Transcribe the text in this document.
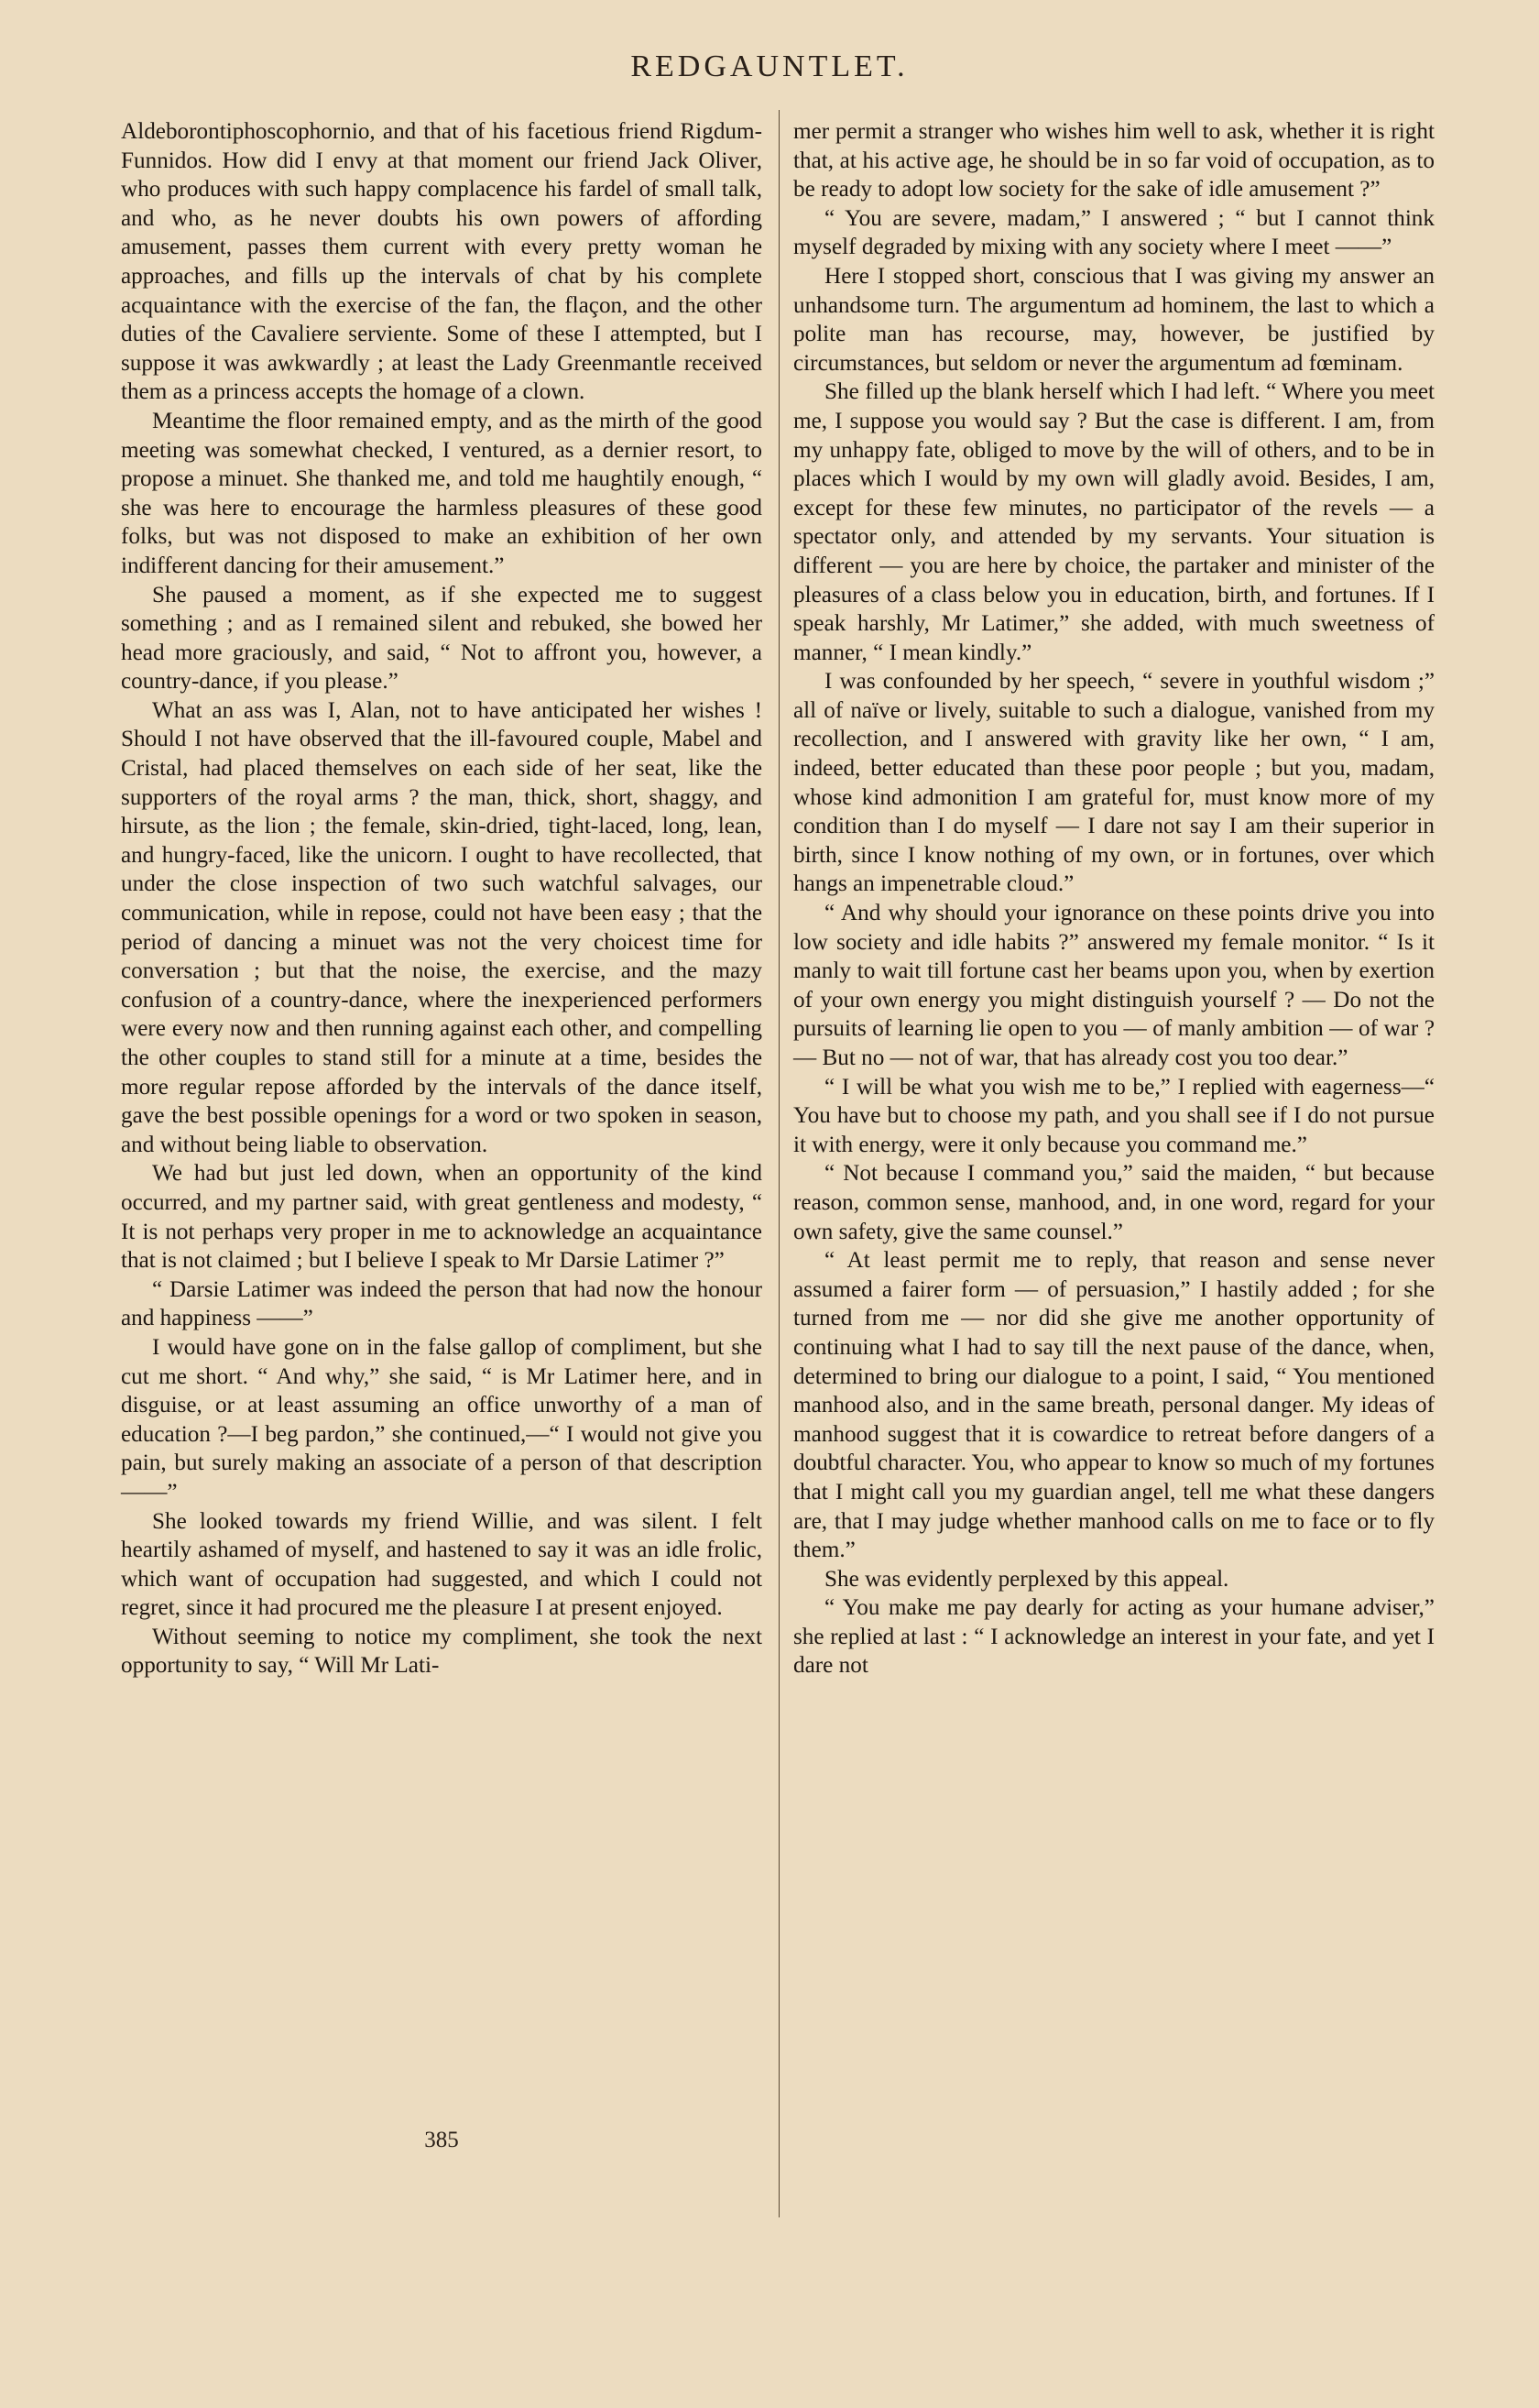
REDGAUNTLET.

Aldeborontiphoscophornio, and that of his facetious friend Rigdum-Funnidos. How did I envy at that moment our friend Jack Oliver, who produces with such happy complacence his fardel of small talk, and who, as he never doubts his own powers of affording amusement, passes them current with every pretty woman he approaches, and fills up the intervals of chat by his complete acquaintance with the exercise of the fan, the flaçon, and the other duties of the Cavaliere serviente. Some of these I attempted, but I suppose it was awkwardly ; at least the Lady Greenmantle received them as a princess accepts the homage of a clown.

Meantime the floor remained empty, and as the mirth of the good meeting was somewhat checked, I ventured, as a dernier resort, to propose a minuet. She thanked me, and told me haughtily enough, “ she was here to encourage the harmless pleasures of these good folks, but was not disposed to make an exhibition of her own indifferent dancing for their amusement.”

She paused a moment, as if she expected me to suggest something ; and as I remained silent and rebuked, she bowed her head more graciously, and said, “ Not to affront you, however, a country-dance, if you please.”

What an ass was I, Alan, not to have anticipated her wishes ! Should I not have observed that the ill-favoured couple, Mabel and Cristal, had placed themselves on each side of her seat, like the supporters of the royal arms ? the man, thick, short, shaggy, and hirsute, as the lion ; the female, skin-dried, tight-laced, long, lean, and hungry-faced, like the unicorn. I ought to have recollected, that under the close inspection of two such watchful salvages, our communication, while in repose, could not have been easy ; that the period of dancing a minuet was not the very choicest time for conversation ; but that the noise, the exercise, and the mazy confusion of a country-dance, where the inexperienced performers were every now and then running against each other, and compelling the other couples to stand still for a minute at a time, besides the more regular repose afforded by the intervals of the dance itself, gave the best possible openings for a word or two spoken in season, and without being liable to observation.

We had but just led down, when an opportunity of the kind occurred, and my partner said, with great gentleness and modesty, “ It is not perhaps very proper in me to acknowledge an acquaintance that is not claimed ; but I believe I speak to Mr Darsie Latimer ?”

“ Darsie Latimer was indeed the person that had now the honour and happiness ——”

I would have gone on in the false gallop of compliment, but she cut me short. “ And why,” she said, “ is Mr Latimer here, and in disguise, or at least assuming an office unworthy of a man of education ?—I beg pardon,” she continued,—“ I would not give you pain, but surely making an associate of a person of that description ——”

She looked towards my friend Willie, and was silent. I felt heartily ashamed of myself, and hastened to say it was an idle frolic, which want of occupation had suggested, and which I could not regret, since it had procured me the pleasure I at present enjoyed.

Without seeming to notice my compliment, she took the next opportunity to say, “ Will Mr Lati-

mer permit a stranger who wishes him well to ask, whether it is right that, at his active age, he should be in so far void of occupation, as to be ready to adopt low society for the sake of idle amusement ?”

“ You are severe, madam,” I answered ; “ but I cannot think myself degraded by mixing with any society where I meet ——”

Here I stopped short, conscious that I was giving my answer an unhandsome turn. The argumentum ad hominem, the last to which a polite man has recourse, may, however, be justified by circumstances, but seldom or never the argumentum ad fœminam.

She filled up the blank herself which I had left. “ Where you meet me, I suppose you would say ? But the case is different. I am, from my unhappy fate, obliged to move by the will of others, and to be in places which I would by my own will gladly avoid. Besides, I am, except for these few minutes, no participator of the revels — a spectator only, and attended by my servants. Your situation is different — you are here by choice, the partaker and minister of the pleasures of a class below you in education, birth, and fortunes. If I speak harshly, Mr Latimer,” she added, with much sweetness of manner, “ I mean kindly.”

I was confounded by her speech, “ severe in youthful wisdom ;” all of naïve or lively, suitable to such a dialogue, vanished from my recollection, and I answered with gravity like her own, “ I am, indeed, better educated than these poor people ; but you, madam, whose kind admonition I am grateful for, must know more of my condition than I do myself — I dare not say I am their superior in birth, since I know nothing of my own, or in fortunes, over which hangs an impenetrable cloud.”

“ And why should your ignorance on these points drive you into low society and idle habits ?” answered my female monitor. “ Is it manly to wait till fortune cast her beams upon you, when by exertion of your own energy you might distinguish yourself ? — Do not the pursuits of learning lie open to you — of manly ambition — of war ? — But no — not of war, that has already cost you too dear.”

“ I will be what you wish me to be,” I replied with eagerness—“ You have but to choose my path, and you shall see if I do not pursue it with energy, were it only because you command me.”

“ Not because I command you,” said the maiden, “ but because reason, common sense, manhood, and, in one word, regard for your own safety, give the same counsel.”

“ At least permit me to reply, that reason and sense never assumed a fairer form — of persuasion,” I hastily added ; for she turned from me — nor did she give me another opportunity of continuing what I had to say till the next pause of the dance, when, determined to bring our dialogue to a point, I said, “ You mentioned manhood also, and in the same breath, personal danger. My ideas of manhood suggest that it is cowardice to retreat before dangers of a doubtful character. You, who appear to know so much of my fortunes that I might call you my guardian angel, tell me what these dangers are, that I may judge whether manhood calls on me to face or to fly them.”

She was evidently perplexed by this appeal.

“ You make me pay dearly for acting as your humane adviser,” she replied at last : “ I acknowledge an interest in your fate, and yet I dare not

385
